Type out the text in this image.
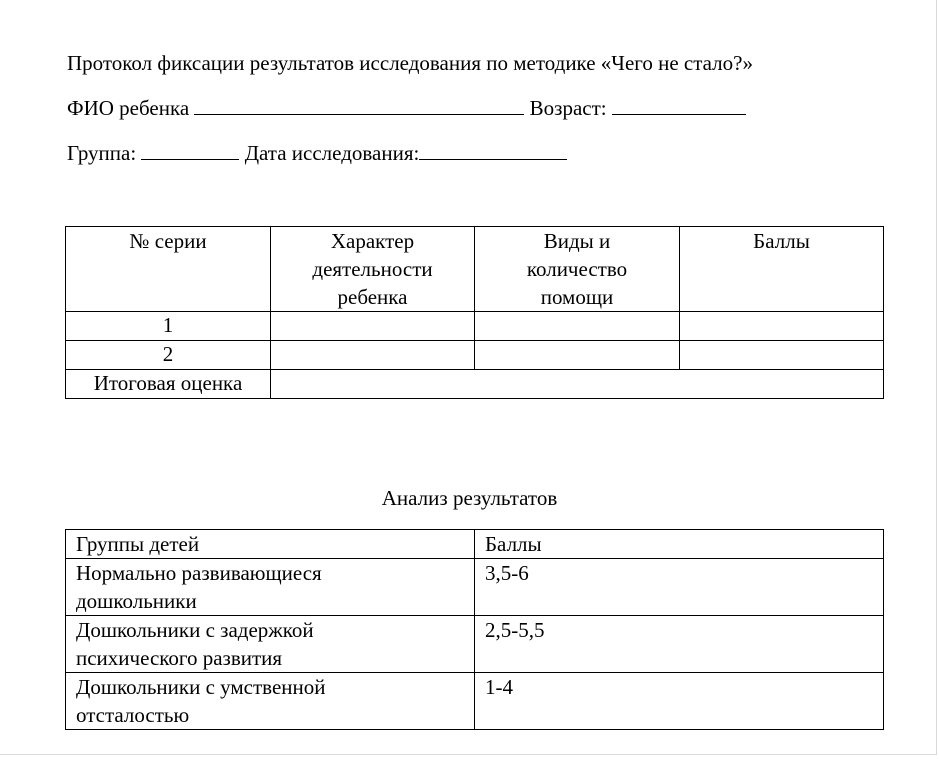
Протокол фиксации результатов исследования по методике «Чего не стало?»
ФИО ребенка	Возраст:
Группа:	Дата исследования:
№ серии	Характер деятельности ребенка	Виды и количество помощи	Баллы
1			
2			
Итоговая оценка			
Анализ результатов
Группы детей	Баллы
Нормально развивающиеся дошкольники	3,5-6
Дошкольники с задержкой психического развития	2,5-5,5
Дошкольники с умственной отсталостью	1-4
